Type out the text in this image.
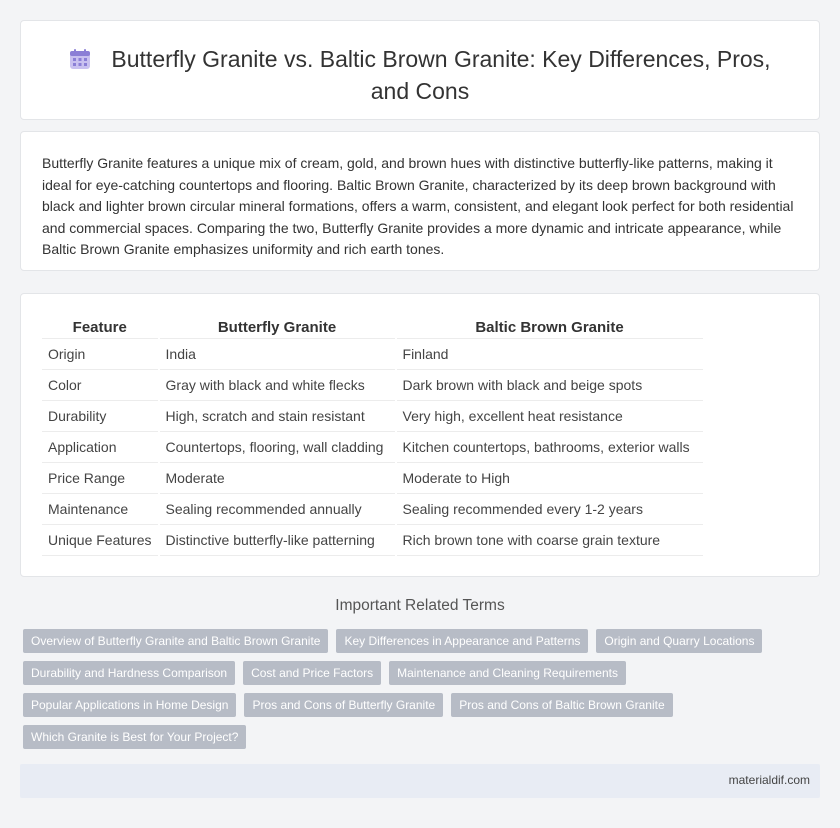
Butterfly Granite vs. Baltic Brown Granite: Key Differences, Pros, and Cons

Butterfly Granite features a unique mix of cream, gold, and brown hues with distinctive butterfly-like patterns, making it ideal for eye-catching countertops and flooring. Baltic Brown Granite, characterized by its deep brown background with black and lighter brown circular mineral formations, offers a warm, consistent, and elegant look perfect for both residential and commercial spaces. Comparing the two, Butterfly Granite provides a more dynamic and intricate appearance, while Baltic Brown Granite emphasizes uniformity and rich earth tones.

Feature	Butterfly Granite	Baltic Brown Granite
Origin	India	Finland
Color	Gray with black and white flecks	Dark brown with black and beige spots
Durability	High, scratch and stain resistant	Very high, excellent heat resistance
Application	Countertops, flooring, wall cladding	Kitchen countertops, bathrooms, exterior walls
Price Range	Moderate	Moderate to High
Maintenance	Sealing recommended annually	Sealing recommended every 1-2 years
Unique Features	Distinctive butterfly-like patterning	Rich brown tone with coarse grain texture
Important Related Terms
Overview of Butterfly Granite and Baltic Brown Granite	Key Differences in Appearance and Patterns	Origin and Quarry Locations
Durability and Hardness Comparison	Cost and Price Factors	Maintenance and Cleaning Requirements
Popular Applications in Home Design	Pros and Cons of Butterfly Granite	Pros and Cons of Baltic Brown Granite
Which Granite is Best for Your Project?
materialdif.com
